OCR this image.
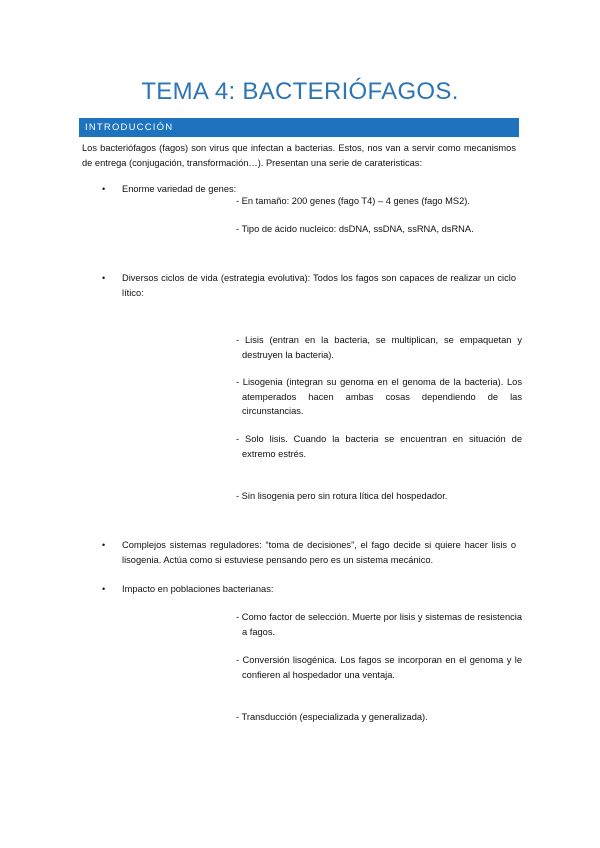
TEMA 4: BACTERIÓFAGOS.
INTRODUCCIÓN
Los bacteriófagos (fagos) son virus que infectan a bacterias. Estos, nos van a servir como mecanismos de entrega (conjugación, transformación…). Presentan una serie de carateristicas:
•	Enorme variedad de genes:
- En tamaño: 200 genes (fago T4) – 4 genes (fago MS2).
- Tipo de ácido nucleico: dsDNA, ssDNA, ssRNA, dsRNA.
•	Diversos ciclos de vida (estrategia evolutiva): Todos los fagos son capaces de realizar un ciclo lítico:
- Lisis (entran en la bacteria, se multiplican, se empaquetan y destruyen la bacteria).
- Lisogenia (integran su genoma en el genoma de la bacteria). Los atemperados hacen ambas cosas dependiendo de las circunstancias.
- Solo lisis. Cuando la bacteria se encuentran en situación de extremo estrés.
- Sin lisogenia pero sin rotura lítica del hospedador.
•	Complejos sistemas reguladores: “toma de decisiones”, el fago decide si quiere hacer lisis o lisogenia. Actúa como si estuviese pensando pero es un sistema mecánico.
•	Impacto en poblaciones bacterianas:
- Como factor de selección. Muerte por lisis y sistemas de resistencia a fagos.
- Conversión lisogénica. Los fagos se incorporan en el genoma y le confieren al hospedador una ventaja.
- Transducción (especializada y generalizada).
